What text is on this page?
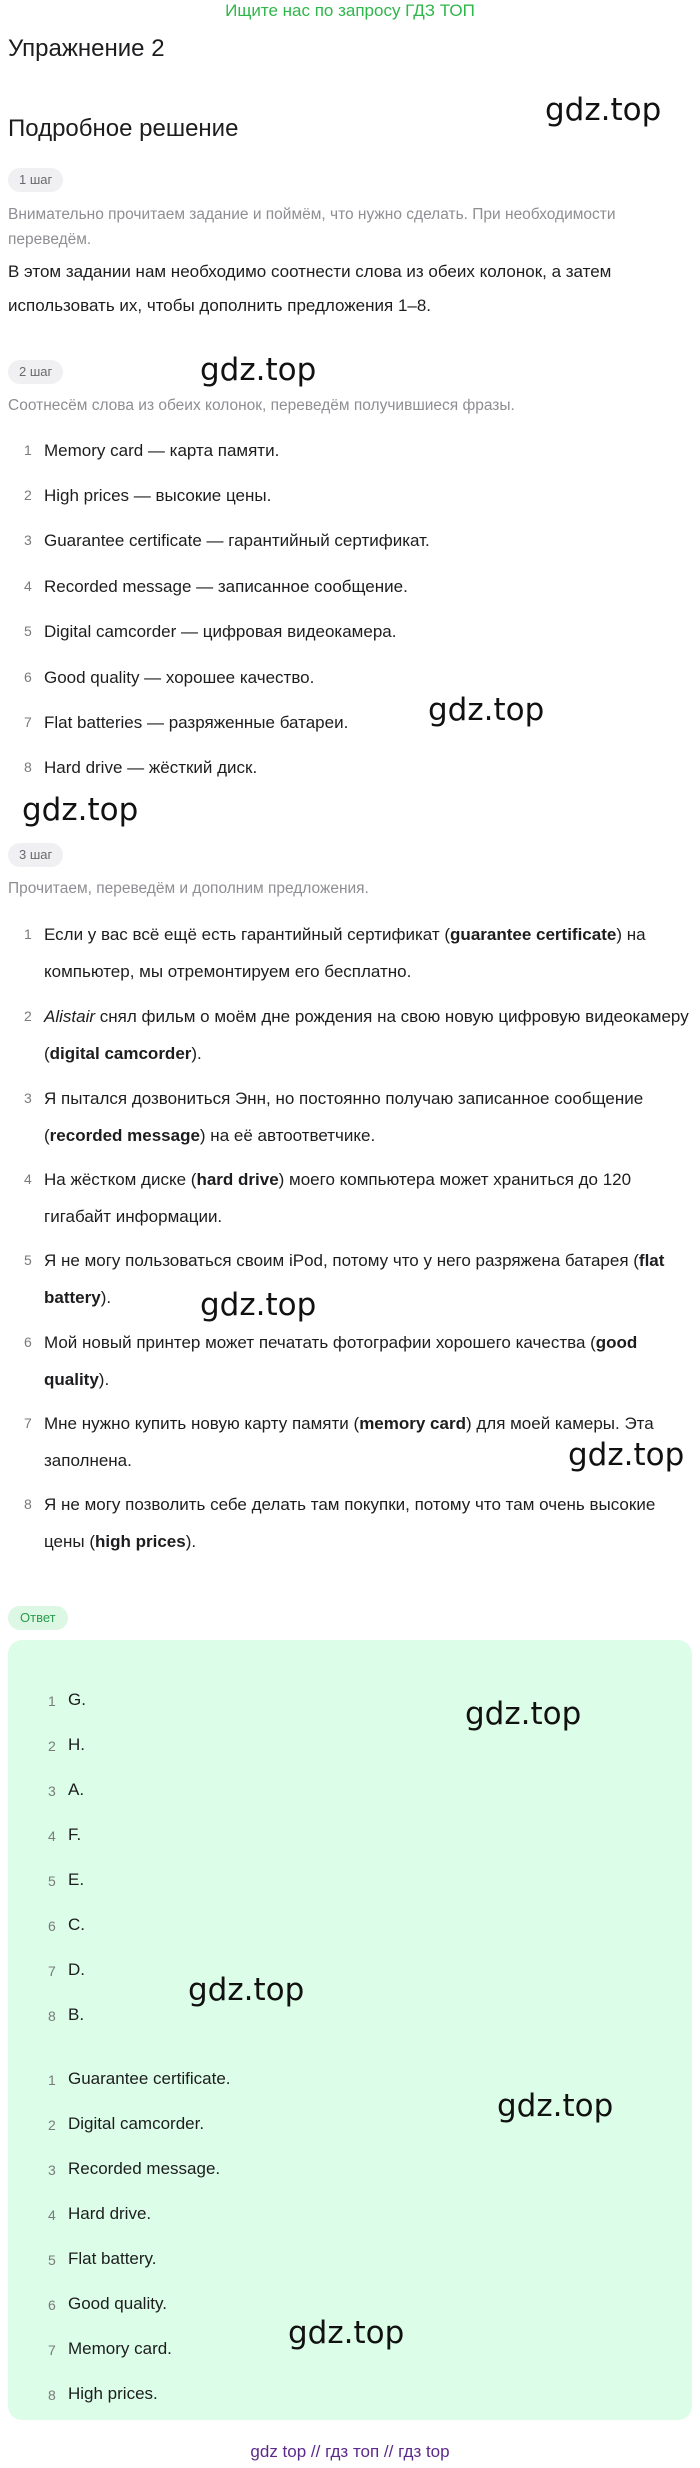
Ищите нас по запросу ГДЗ ТОП
Упражнение 2
Подробное решение
1 шаг
Внимательно прочитаем задание и поймём, что нужно сделать. При необходимости переведём.
В этом задании нам необходимо соотнести слова из обеих колонок, а затем использовать их, чтобы дополнить предложения 1–8.
2 шаг
Соотнесём слова из обеих колонок, переведём получившиеся фразы.
1 Memory card — карта памяти.
2 High prices — высокие цены.
3 Guarantee certificate — гарантийный сертификат.
4 Recorded message — записанное сообщение.
5 Digital camcorder — цифровая видеокамера.
6 Good quality — хорошее качество.
7 Flat batteries — разряженные батареи.
8 Hard drive — жёсткий диск.
3 шаг
Прочитаем, переведём и дополним предложения.
1 Если у вас всё ещё есть гарантийный сертификат (guarantee certificate) на компьютер, мы отремонтируем его бесплатно.
2 Alistair снял фильм о моём дне рождения на свою новую цифровую видеокамеру (digital camcorder).
3 Я пытался дозвониться Энн, но постоянно получаю записанное сообщение (recorded message) на её автоответчике.
4 На жёстком диске (hard drive) моего компьютера может храниться до 120 гигабайт информации.
5 Я не могу пользоваться своим iPod, потому что у него разряжена батарея (flat battery).
6 Мой новый принтер может печатать фотографии хорошего качества (good quality).
7 Мне нужно купить новую карту памяти (memory card) для моей камеры. Эта заполнена.
8 Я не могу позволить себе делать там покупки, потому что там очень высокие цены (high prices).
Ответ
1 G.
2 H.
3 A.
4 F.
5 E.
6 C.
7 D.
8 B.
1 Guarantee certificate.
2 Digital camcorder.
3 Recorded message.
4 Hard drive.
5 Flat battery.
6 Good quality.
7 Memory card.
8 High prices.
gdz.top
gdz.top
gdz.top
gdz.top
gdz.top
gdz.top
gdz.top
gdz.top
gdz.top
gdz.top
gdz top // гдз топ // гдз top
